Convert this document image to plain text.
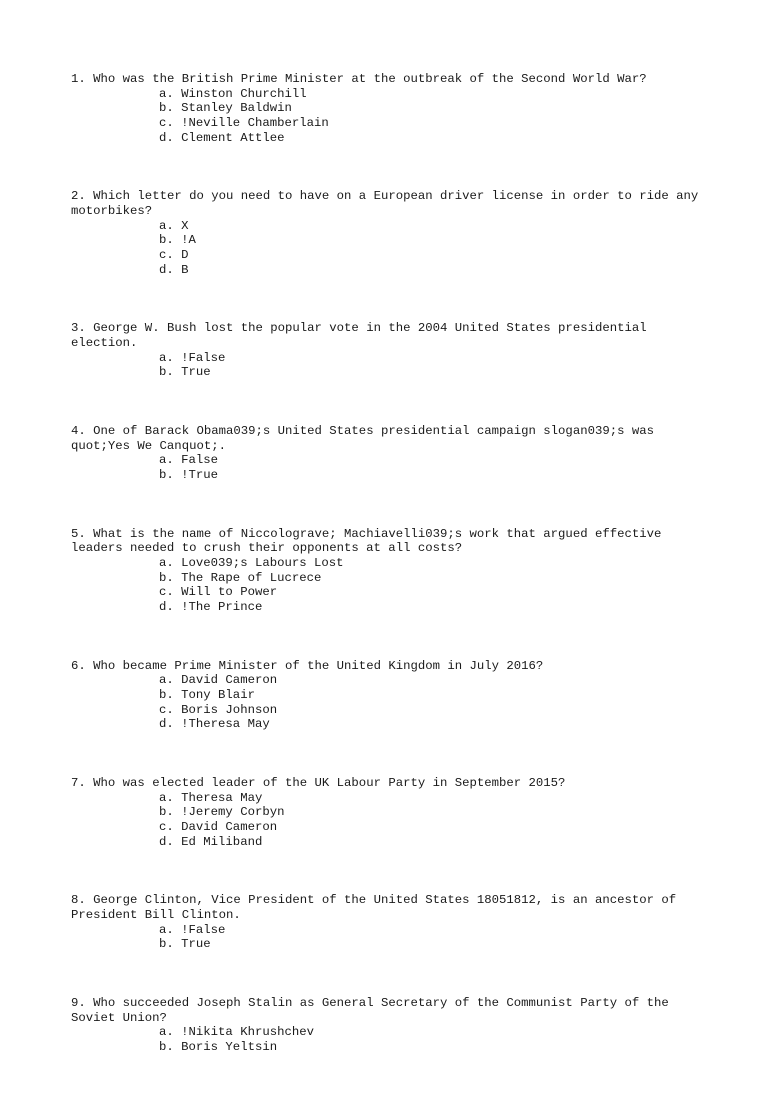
1. Who was the British Prime Minister at the outbreak of the Second World War?

a. Winston Churchill
b. Stanley Baldwin
c. !Neville Chamberlain
d. Clement Attlee

2. Which letter do you need to have on a European driver license in order to ride any motorbikes?

a. X
b. !A
c. D
d. B

3. George W. Bush lost the popular vote in the 2004 United States presidential election.

a. !False
b. True

4. One of Barack Obama039;s United States presidential campaign slogan039;s was quot;Yes We Canquot;.

a. False
b. !True

5. What is the name of Niccolograve; Machiavelli039;s work that argued effective leaders needed to crush their opponents at all costs?

a. Love039;s Labours Lost
b. The Rape of Lucrece
c. Will to Power
d. !The Prince

6. Who became Prime Minister of the United Kingdom in July 2016?

a. David Cameron
b. Tony Blair
c. Boris Johnson
d. !Theresa May

7. Who was elected leader of the UK Labour Party in September 2015?

a. Theresa May
b. !Jeremy Corbyn
c. David Cameron
d. Ed Miliband

8. George Clinton, Vice President of the United States 18051812, is an ancestor of President Bill Clinton.

a. !False
b. True

9. Who succeeded Joseph Stalin as General Secretary of the Communist Party of the Soviet Union?

a. !Nikita Khrushchev
b. Boris Yeltsin
